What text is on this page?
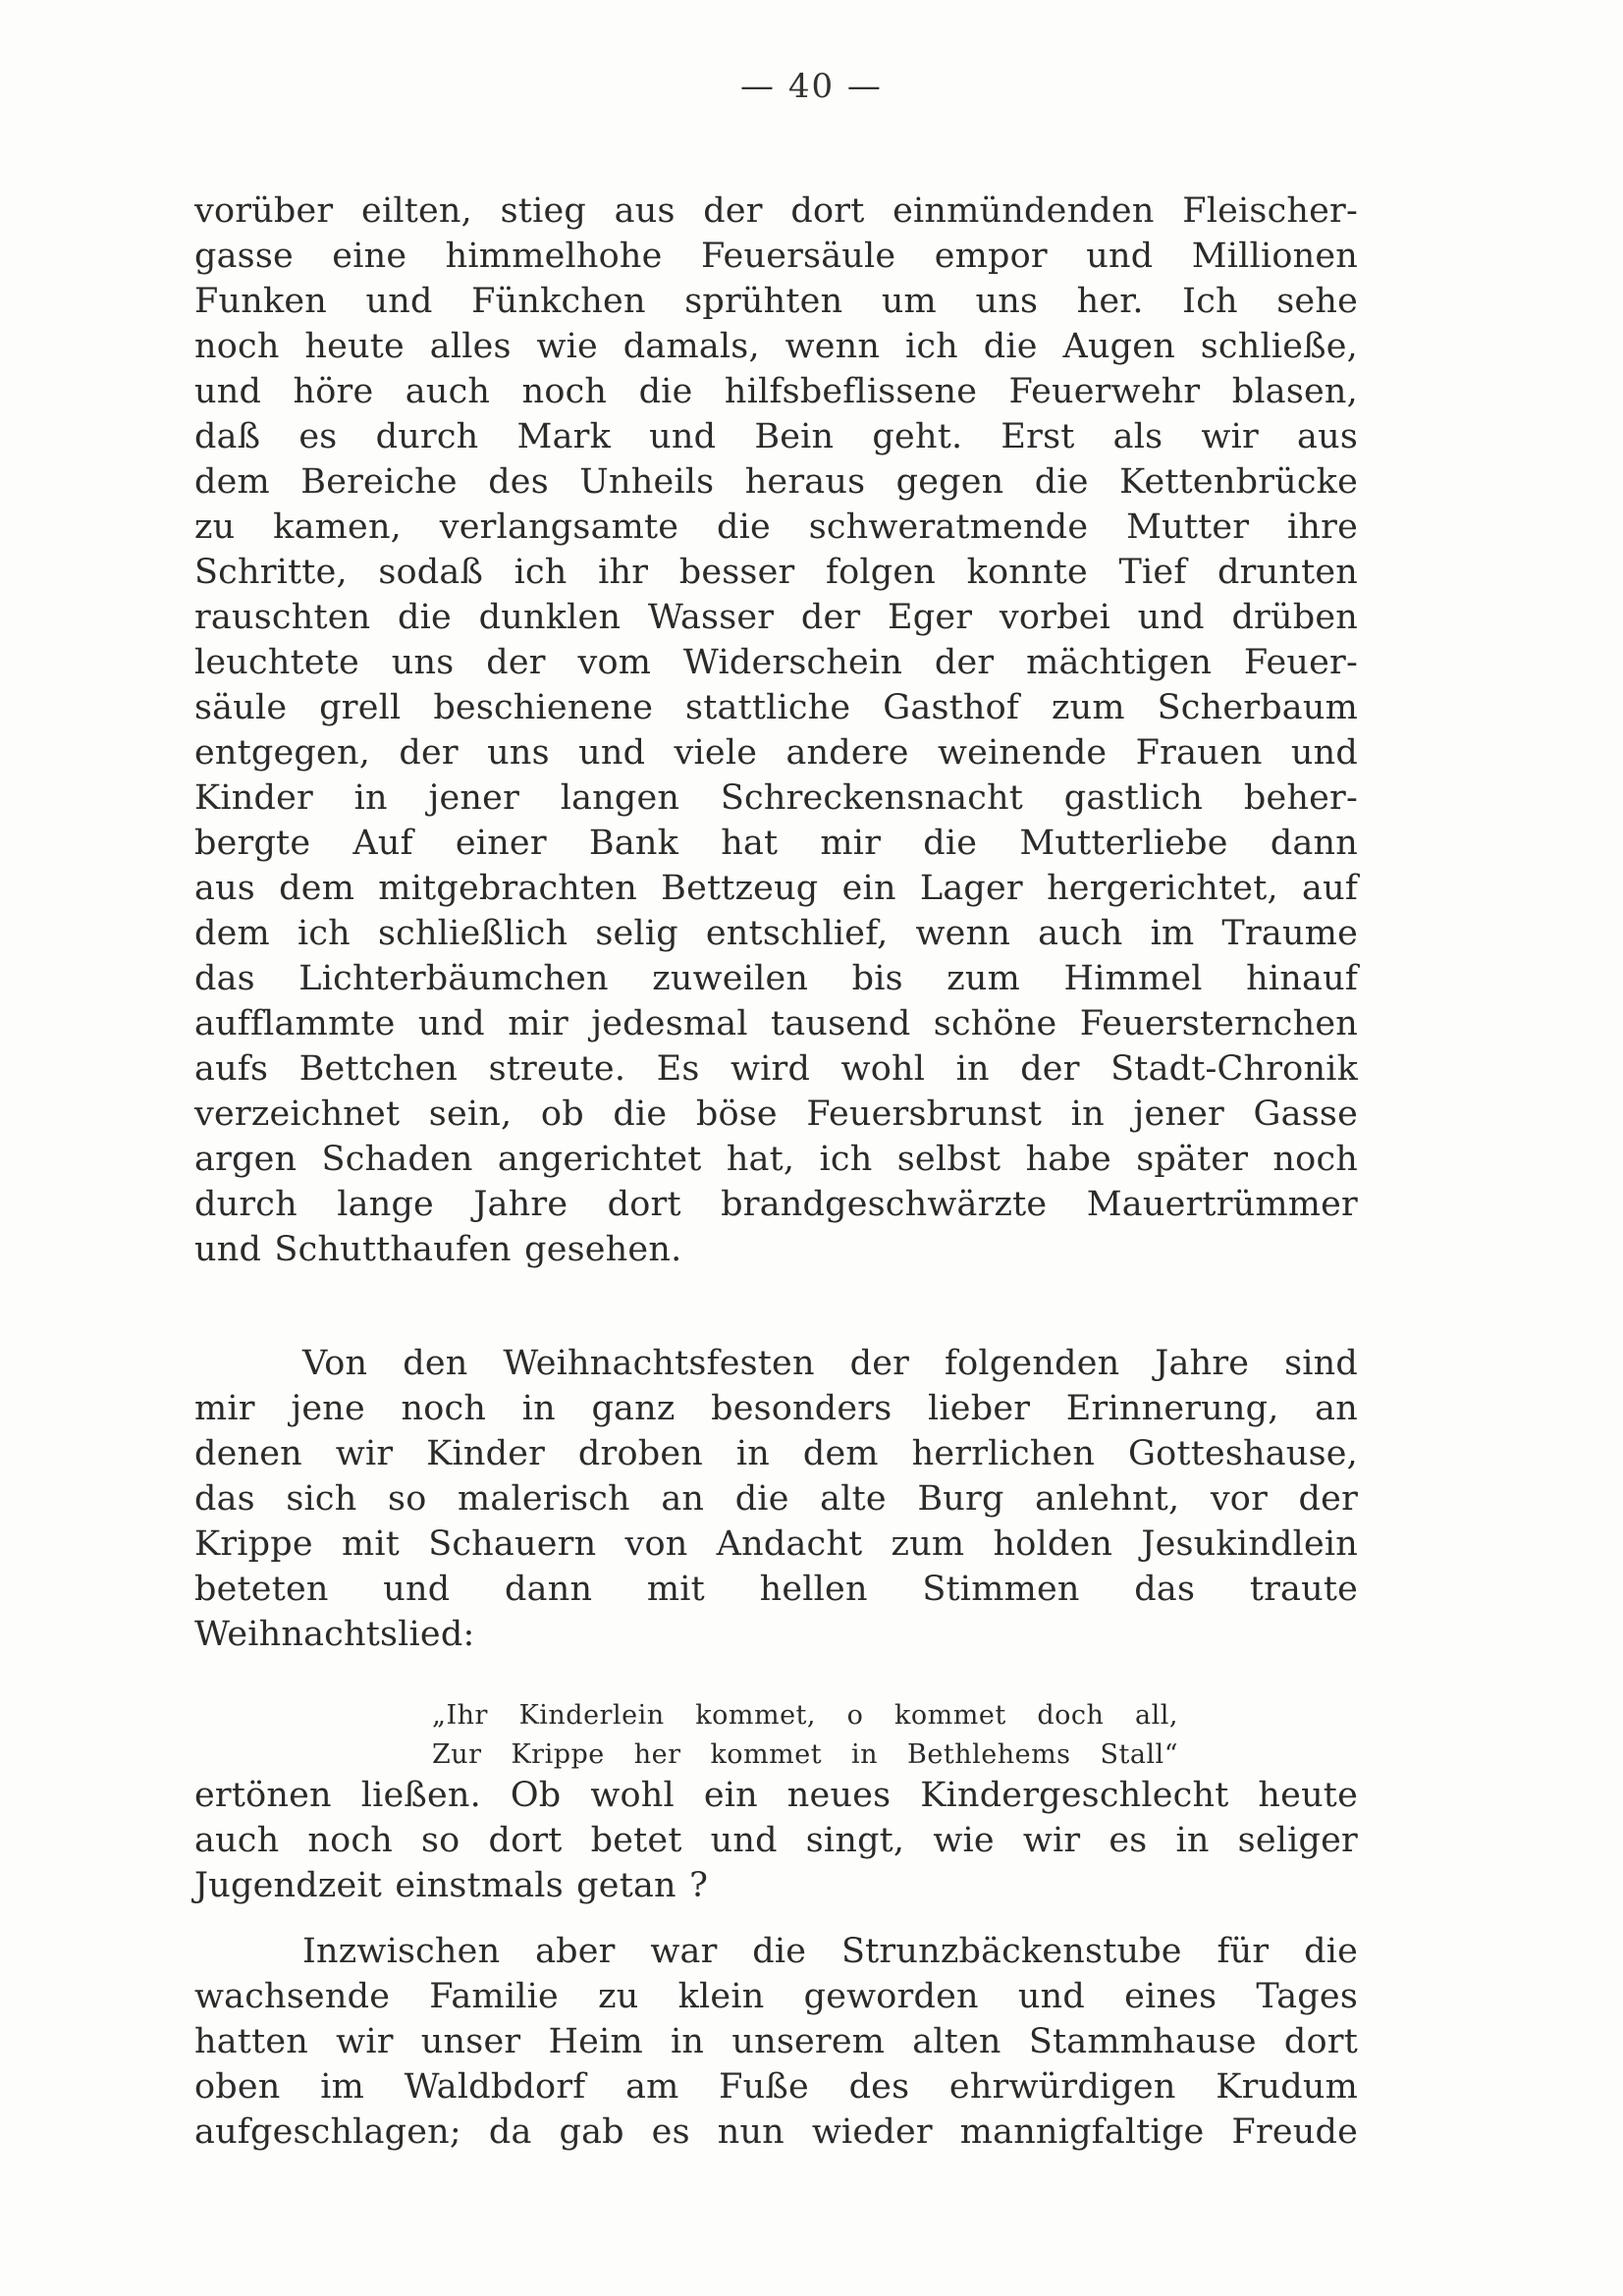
— 40 —
vorüber eilten, stieg aus der dort einmündenden Fleischer-
gasse eine himmelhohe Feuersäule empor und Millionen
Funken und Fünkchen sprühten um uns her. Ich sehe
noch heute alles wie damals, wenn ich die Augen schließe,
und höre auch noch die hilfsbeflissene Feuerwehr blasen,
daß es durch Mark und Bein geht. Erst als wir aus
dem Bereiche des Unheils heraus gegen die Kettenbrücke
zu kamen, verlangsamte die schweratmende Mutter ihre
Schritte, sodaß ich ihr besser folgen konnte Tief drunten
rauschten die dunklen Wasser der Eger vorbei und drüben
leuchtete uns der vom Widerschein der mächtigen Feuer-
säule grell beschienene stattliche Gasthof zum Scherbaum
entgegen, der uns und viele andere weinende Frauen und
Kinder in jener langen Schreckensnacht gastlich beher-
bergte Auf einer Bank hat mir die Mutterliebe dann
aus dem mitgebrachten Bettzeug ein Lager hergerichtet, auf
dem ich schließlich selig entschlief, wenn auch im Traume
das Lichterbäumchen zuweilen bis zum Himmel hinauf
aufflammte und mir jedesmal tausend schöne Feuersternchen
aufs Bettchen streute. Es wird wohl in der Stadt-Chronik
verzeichnet sein, ob die böse Feuersbrunst in jener Gasse
argen Schaden angerichtet hat, ich selbst habe später noch
durch lange Jahre dort brandgeschwärzte Mauertrümmer
und Schutthaufen gesehen.
Von den Weihnachtsfesten der folgenden Jahre sind
mir jene noch in ganz besonders lieber Erinnerung, an
denen wir Kinder droben in dem herrlichen Gotteshause,
das sich so malerisch an die alte Burg anlehnt, vor der
Krippe mit Schauern von Andacht zum holden Jesukindlein
beteten und dann mit hellen Stimmen das traute
Weihnachtslied:
„Ihr Kinderlein kommet, o kommet doch all,
Zur Krippe her kommet in Bethlehems Stall“
ertönen ließen. Ob wohl ein neues Kindergeschlecht heute
auch noch so dort betet und singt, wie wir es in seliger
Jugendzeit einstmals getan ?
Inzwischen aber war die Strunzbäckenstube für die
wachsende Familie zu klein geworden und eines Tages
hatten wir unser Heim in unserem alten Stammhause dort
oben im Waldbdorf am Fuße des ehrwürdigen Krudum
aufgeschlagen; da gab es nun wieder mannigfaltige Freude
